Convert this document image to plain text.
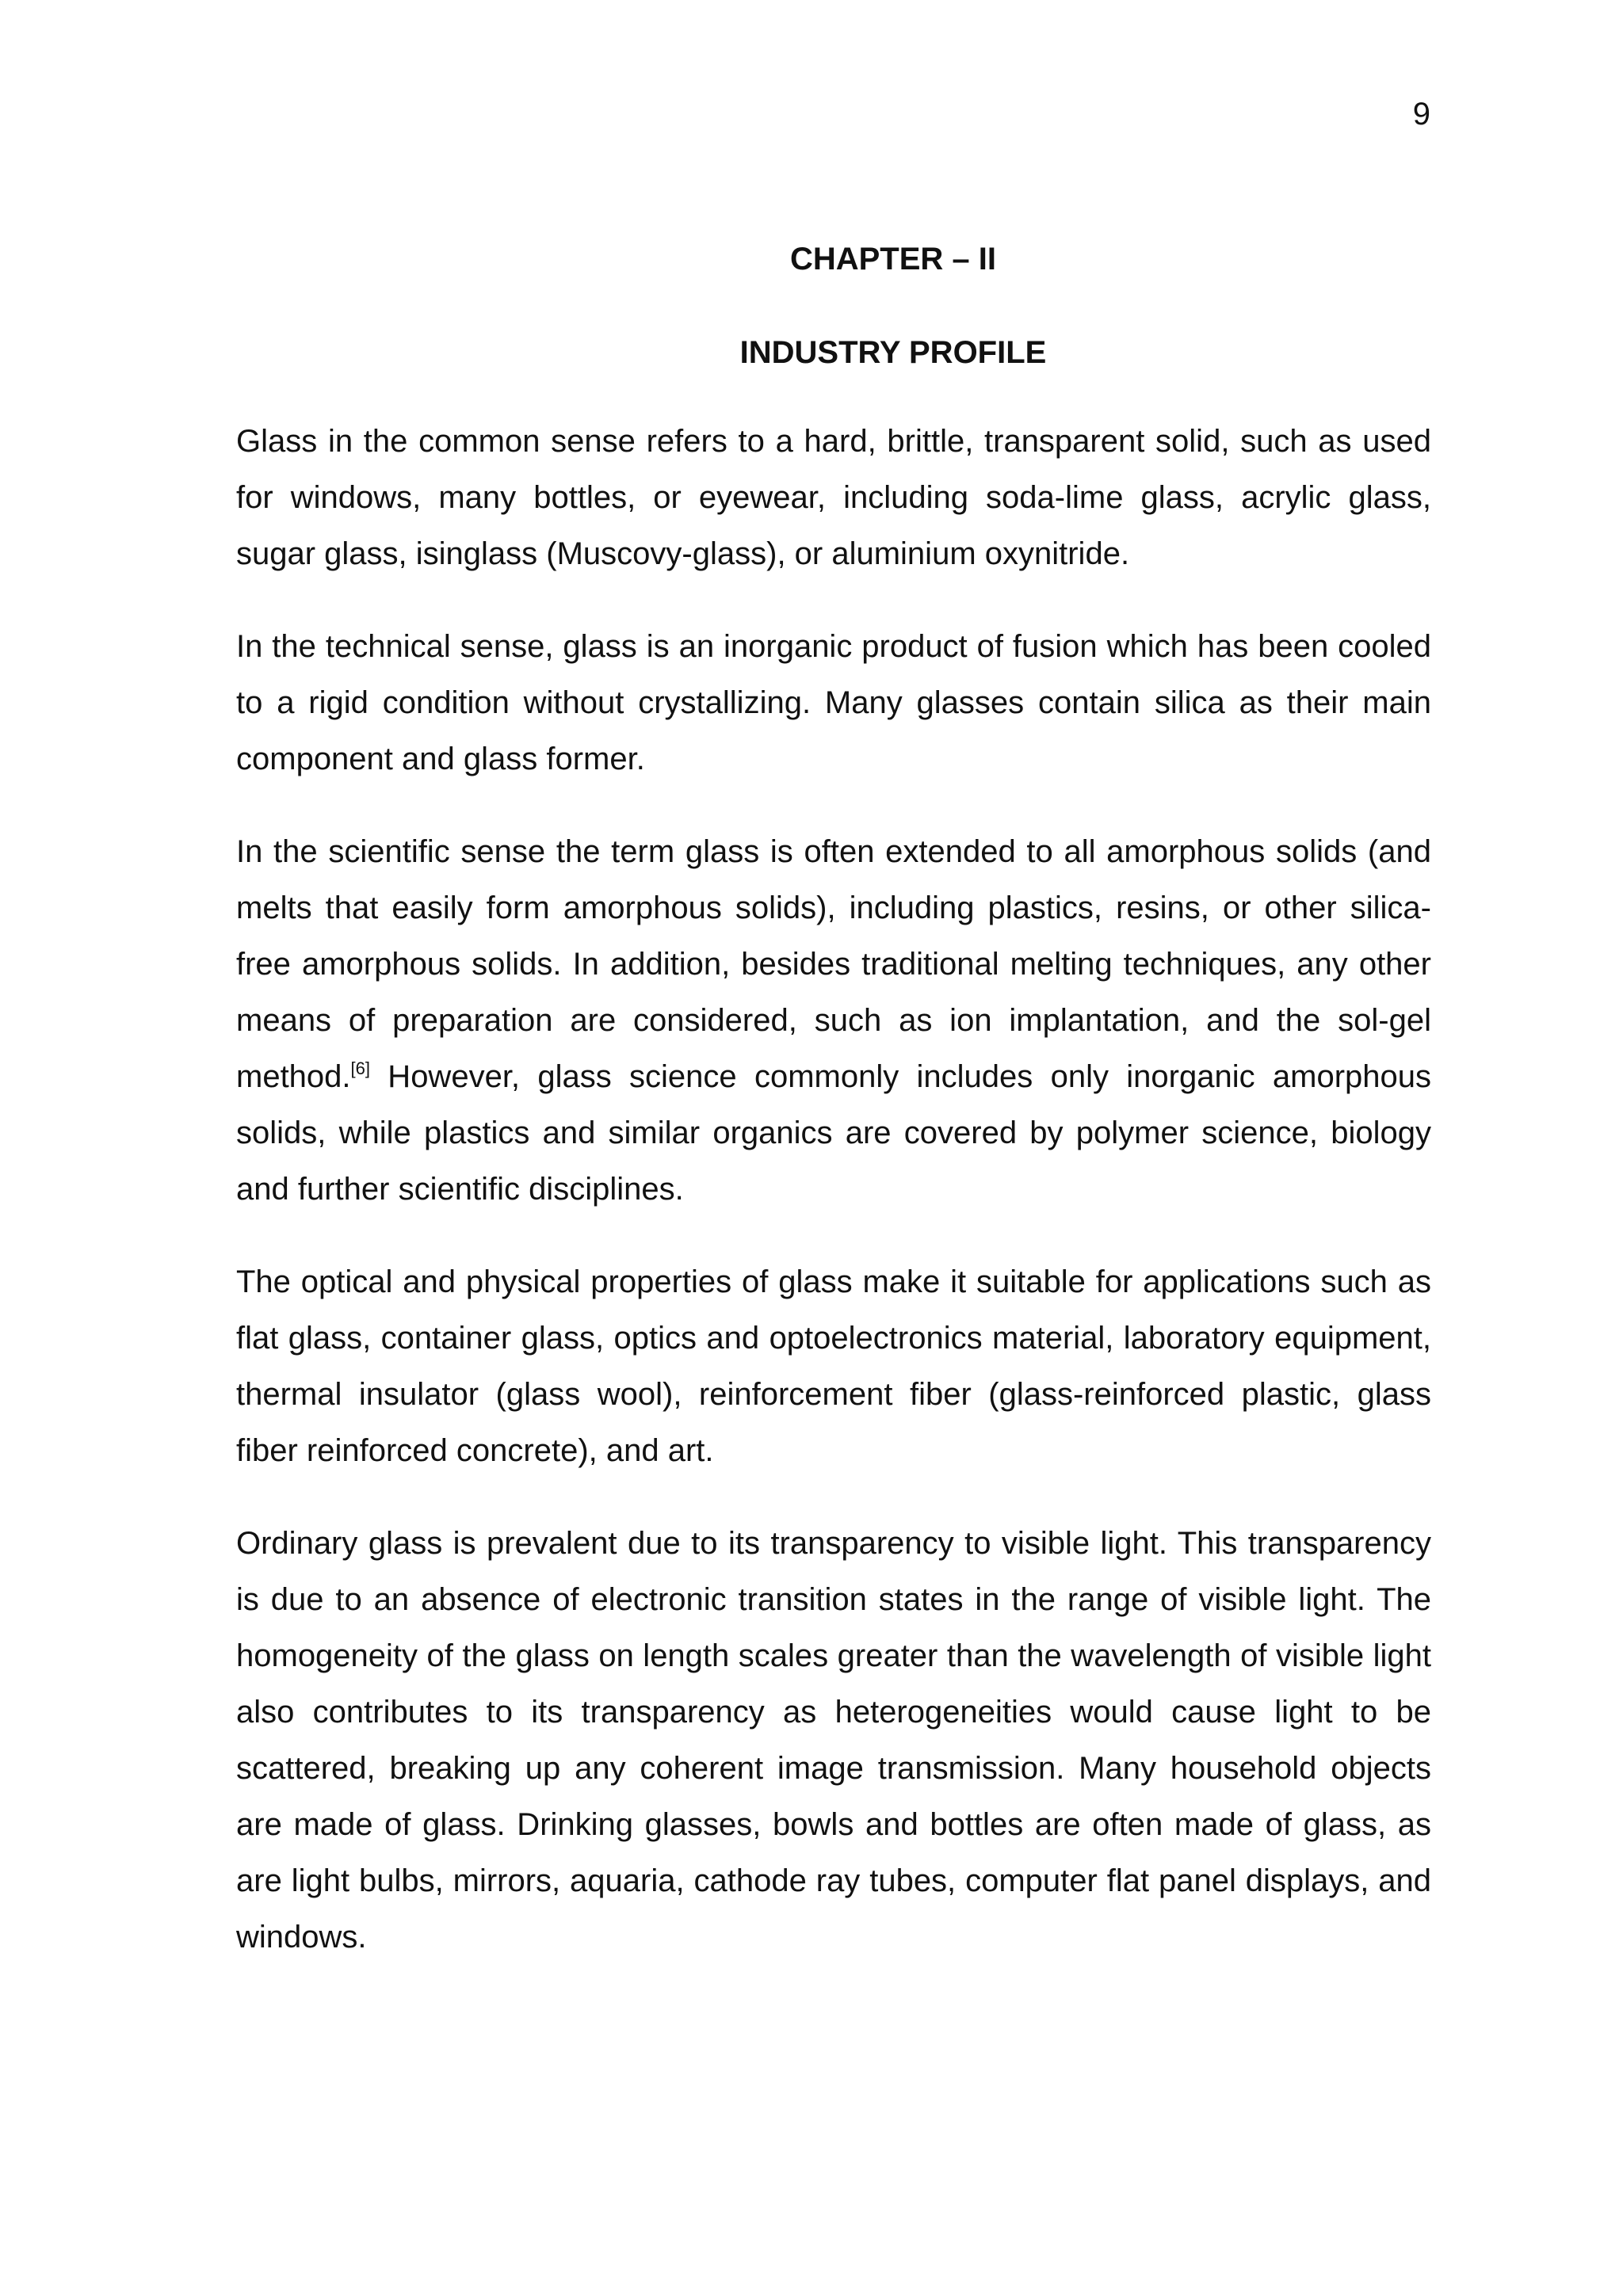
9
CHAPTER – II
INDUSTRY PROFILE

Glass in the common sense refers to a hard, brittle, transparent solid, such as used for windows, many bottles, or eyewear, including soda-lime glass, acrylic glass, sugar glass, isinglass (Muscovy-glass), or aluminium oxynitride.

In the technical sense, glass is an inorganic product of fusion which has been cooled to a rigid condition without crystallizing. Many glasses contain silica as their main component and glass former.

In the scientific sense the term glass is often extended to all amorphous solids (and melts that easily form amorphous solids), including plastics, resins, or other silica-free amorphous solids. In addition, besides traditional melting techniques, any other means of preparation are considered, such as ion implantation, and the sol-gel method.[6] However, glass science commonly includes only inorganic amorphous solids, while plastics and similar organics are covered by polymer science, biology and further scientific disciplines.

The optical and physical properties of glass make it suitable for applications such as flat glass, container glass, optics and optoelectronics material, laboratory equipment, thermal insulator (glass wool), reinforcement fiber (glass-reinforced plastic, glass fiber reinforced concrete), and art.

Ordinary glass is prevalent due to its transparency to visible light. This transparency is due to an absence of electronic transition states in the range of visible light. The homogeneity of the glass on length scales greater than the wavelength of visible light also contributes to its transparency as heterogeneities would cause light to be scattered, breaking up any coherent image transmission. Many household objects are made of glass. Drinking glasses, bowls and bottles are often made of glass, as are light bulbs, mirrors, aquaria, cathode ray tubes, computer flat panel displays, and windows.
